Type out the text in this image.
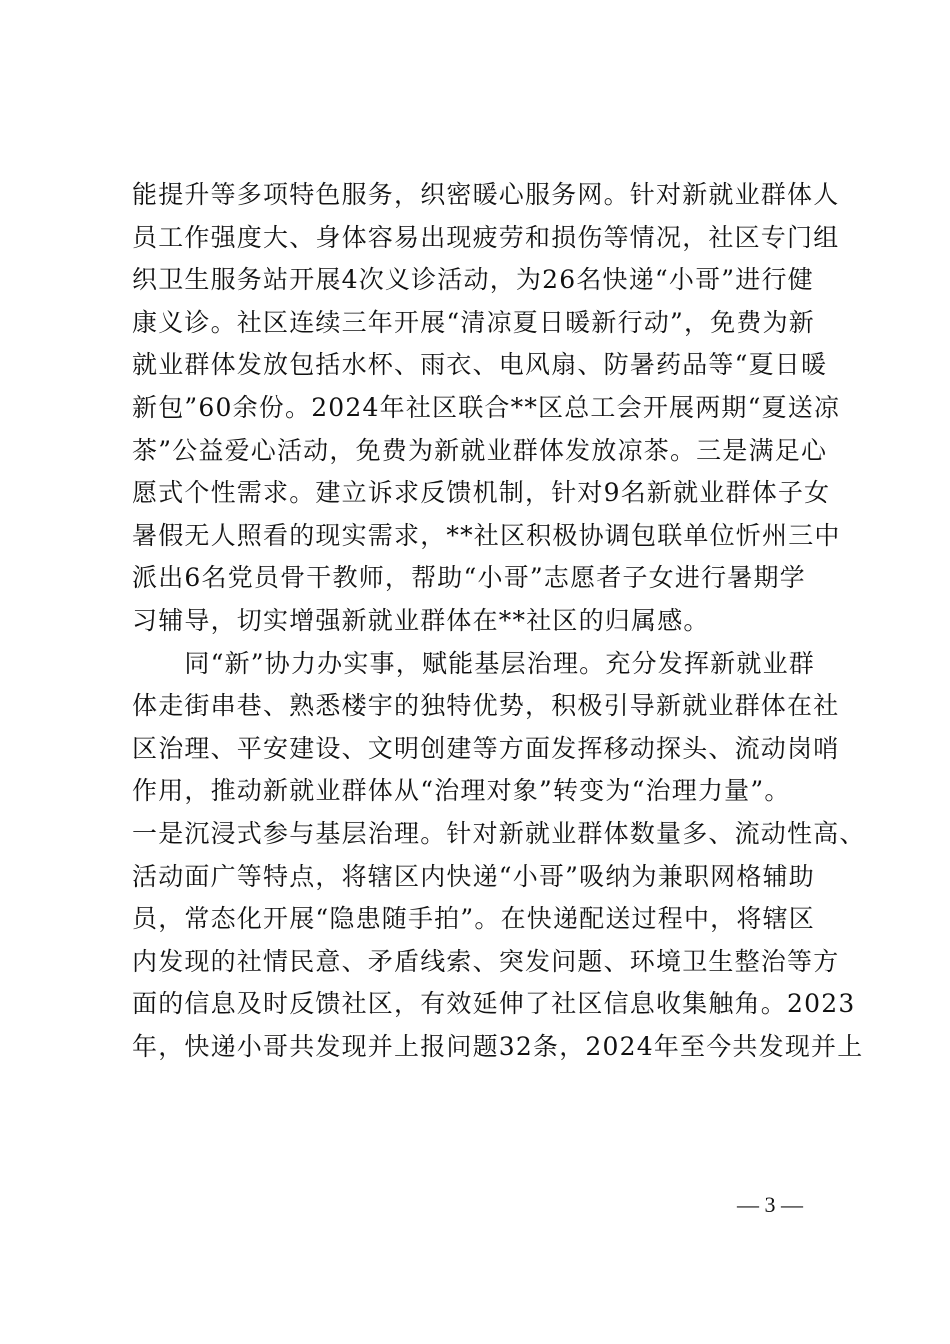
能提升等多项特色服务，织密暖心服务网。针对新就业群体人

员工作强度大、身体容易出现疲劳和损伤等情况，社区专门组

织卫生服务站开展4次义诊活动，为26名快递“小哥”进行健

康义诊。社区连续三年开展“清凉夏日暖新行动”，免费为新

就业群体发放包括水杯、雨衣、电风扇、防暑药品等“夏日暖

新包”60余份。2024年社区联合**区总工会开展两期“夏送凉

茶”公益爱心活动，免费为新就业群体发放凉茶。三是满足心

愿式个性需求。建立诉求反馈机制，针对9名新就业群体子女

暑假无人照看的现实需求，**社区积极协调包联单位忻州三中

派出6名党员骨干教师，帮助“小哥”志愿者子女进行暑期学

习辅导，切实增强新就业群体在**社区的归属感。

　　同“新”协力办实事，赋能基层治理。充分发挥新就业群

体走街串巷、熟悉楼宇的独特优势，积极引导新就业群体在社

区治理、平安建设、文明创建等方面发挥移动探头、流动岗哨

作用，推动新就业群体从“治理对象”转变为“治理力量”。

一是沉浸式参与基层治理。针对新就业群体数量多、流动性高、

活动面广等特点，将辖区内快递“小哥”吸纳为兼职网格辅助

员，常态化开展“隐患随手拍”。在快递配送过程中，将辖区

内发现的社情民意、矛盾线索、突发问题、环境卫生整治等方

面的信息及时反馈社区，有效延伸了社区信息收集触角。2023

年，快递小哥共发现并上报问题32条，2024年至今共发现并上

— 3 —
